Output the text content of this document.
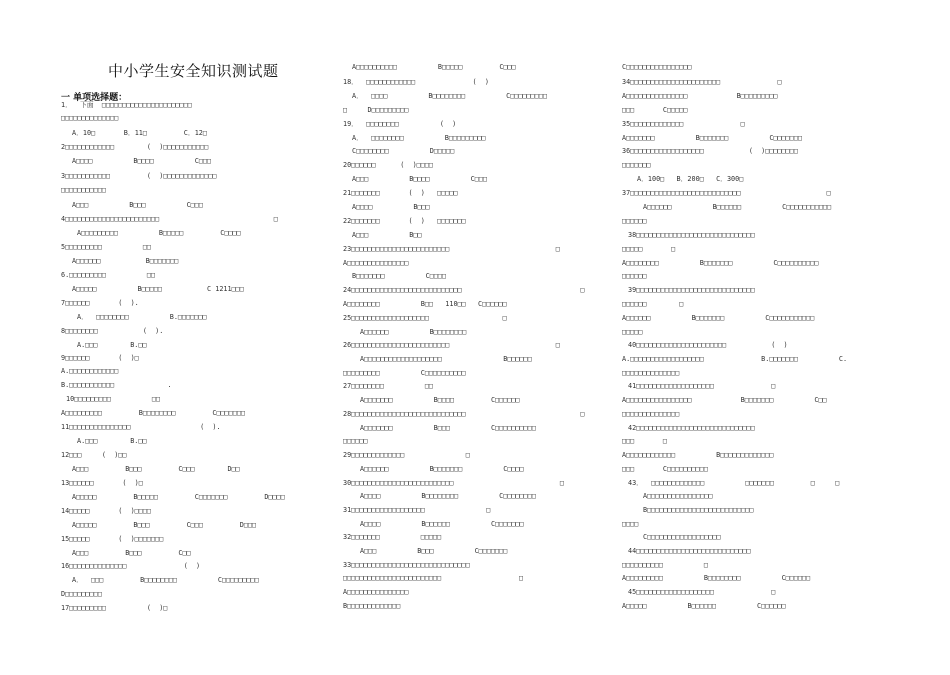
中小学生安全知识测试题
一 单项选择题：
1．  下面  □□□□□□□□□□□□□□□□□□□□□□
□□□□□□□□□□□□□□
A．10□       B．11□         C．12□
2□□□□□□□□□□□□        (  )□□□□□□□□□□□
A□□□□          B□□□□          C□□□
3□□□□□□□□□□□         (  )□□□□□□□□□□□□□
□□□□□□□□□□□
A□□□          B□□□          C□□□
4□□□□□□□□□□□□□□□□□□□□□□□                            □
A□□□□□□□□□          B□□□□□         C□□□□
5□□□□□□□□□          □□
A□□□□□□           B□□□□□□□
6.□□□□□□□□□          □□
A□□□□□          B□□□□□           C 1211□□□
7□□□□□□       (  ).
A．  □□□□□□□□          B.□□□□□□□
8□□□□□□□□           (  ).
A.□□□        B.□□
9□□□□□□       (  )□
A.□□□□□□□□□□□□
B.□□□□□□□□□□□             .
10□□□□□□□□□          □□
A□□□□□□□□□         B□□□□□□□□         C□□□□□□□
11□□□□□□□□□□□□□□□                 (  ).
A.□□□        B.□□
12□□□     (  )□□
A□□□         B□□□         C□□□        D□□
13□□□□□□       (  )□
A□□□□□         B□□□□□         C□□□□□□□         D□□□□
14□□□□□       (  )□□□□
A□□□□□         B□□□         C□□□         D□□□
15□□□□□       (  )□□□□□□□
A□□□         B□□□         C□□
16□□□□□□□□□□□□□□              (  )
A．  □□□         B□□□□□□□□          C□□□□□□□□□
D□□□□□□□□□
17□□□□□□□□□          (  )□
A□□□□□□□□□□          B□□□□□         C□□□
18．  □□□□□□□□□□□□              (  )
A．  □□□□          B□□□□□□□□          C□□□□□□□□□
□     D□□□□□□□□□
19．  □□□□□□□□          (  )
A．  □□□□□□□□          B□□□□□□□□□
C□□□□□□□□          D□□□□□
20□□□□□□      (  )□□□□
A□□□          B□□□□          C□□□
21□□□□□□□       (  )   □□□□□
A□□□□          B□□□
22□□□□□□□       (  )   □□□□□□□
A□□□          B□□
23□□□□□□□□□□□□□□□□□□□□□□□□                          □
A□□□□□□□□□□□□□□□
B□□□□□□□          C□□□□
24□□□□□□□□□□□□□□□□□□□□□□□□□□□                             □
A□□□□□□□□          B□□   110□□   C□□□□□□
25□□□□□□□□□□□□□□□□□□□                  □
A□□□□□□          B□□□□□□□□
26□□□□□□□□□□□□□□□□□□□□□□□□                          □
A□□□□□□□□□□□□□□□□□□□               B□□□□□□
□□□□□□□□□          C□□□□□□□□□□
27□□□□□□□□          □□
A□□□□□□□          B□□□□         C□□□□□□
28□□□□□□□□□□□□□□□□□□□□□□□□□□□□                            □
A□□□□□□□          B□□□          C□□□□□□□□□□
□□□□□□
29□□□□□□□□□□□□□               □
A□□□□□□          B□□□□□□□          C□□□□
30□□□□□□□□□□□□□□□□□□□□□□□□□                          □
A□□□□          B□□□□□□□□          C□□□□□□□□
31□□□□□□□□□□□□□□□□□□               □
A□□□□          B□□□□□□          C□□□□□□□
32□□□□□□□          □□□□□
A□□□          B□□□          C□□□□□□□
33□□□□□□□□□□□□□□□□□□□□□□□□□□□□□
□□□□□□□□□□□□□□□□□□□□□□□□                   □
A□□□□□□□□□□□□□□□
B□□□□□□□□□□□□□
C□□□□□□□□□□□□□□□□
34□□□□□□□□□□□□□□□□□□□□□□              □
A□□□□□□□□□□□□□□□            B□□□□□□□□□
□□□       C□□□□□
35□□□□□□□□□□□□□              □
A□□□□□□□          B□□□□□□□          C□□□□□□□
36□□□□□□□□□□□□□□□□□□           (  )□□□□□□□□
□□□□□□□
A．100□   B．200□   C．300□
37□□□□□□□□□□□□□□□□□□□□□□□□□□□                     □
A□□□□□□          B□□□□□□          C□□□□□□□□□□□
□□□□□□
38□□□□□□□□□□□□□□□□□□□□□□□□□□□□□
□□□□□       □
A□□□□□□□□          B□□□□□□□          C□□□□□□□□□□
□□□□□□
39□□□□□□□□□□□□□□□□□□□□□□□□□□□□□
□□□□□□        □
A□□□□□□          B□□□□□□□          C□□□□□□□□□□□
□□□□□
40□□□□□□□□□□□□□□□□□□□□□□           (  )
A.□□□□□□□□□□□□□□□□□□              B.□□□□□□□          C.
□□□□□□□□□□□□□□
41□□□□□□□□□□□□□□□□□□□              □
A□□□□□□□□□□□□□□□□            B□□□□□□□          C□□
□□□□□□□□□□□□□□
42□□□□□□□□□□□□□□□□□□□□□□□□□□□□□
□□□       □
A□□□□□□□□□□□□          B□□□□□□□□□□□□□
□□□       C□□□□□□□□□□
43．  □□□□□□□□□□□□□          □□□□□□□         □     □
A□□□□□□□□□□□□□□□□
B□□□□□□□□□□□□□□□□□□□□□□□□□□
□□□□
C□□□□□□□□□□□□□□□□□□
44□□□□□□□□□□□□□□□□□□□□□□□□□□□□
□□□□□□□□□□          □
A□□□□□□□□□          B□□□□□□□□          C□□□□□□
45□□□□□□□□□□□□□□□□□□□              □
A□□□□□          B□□□□□□          C□□□□□□
